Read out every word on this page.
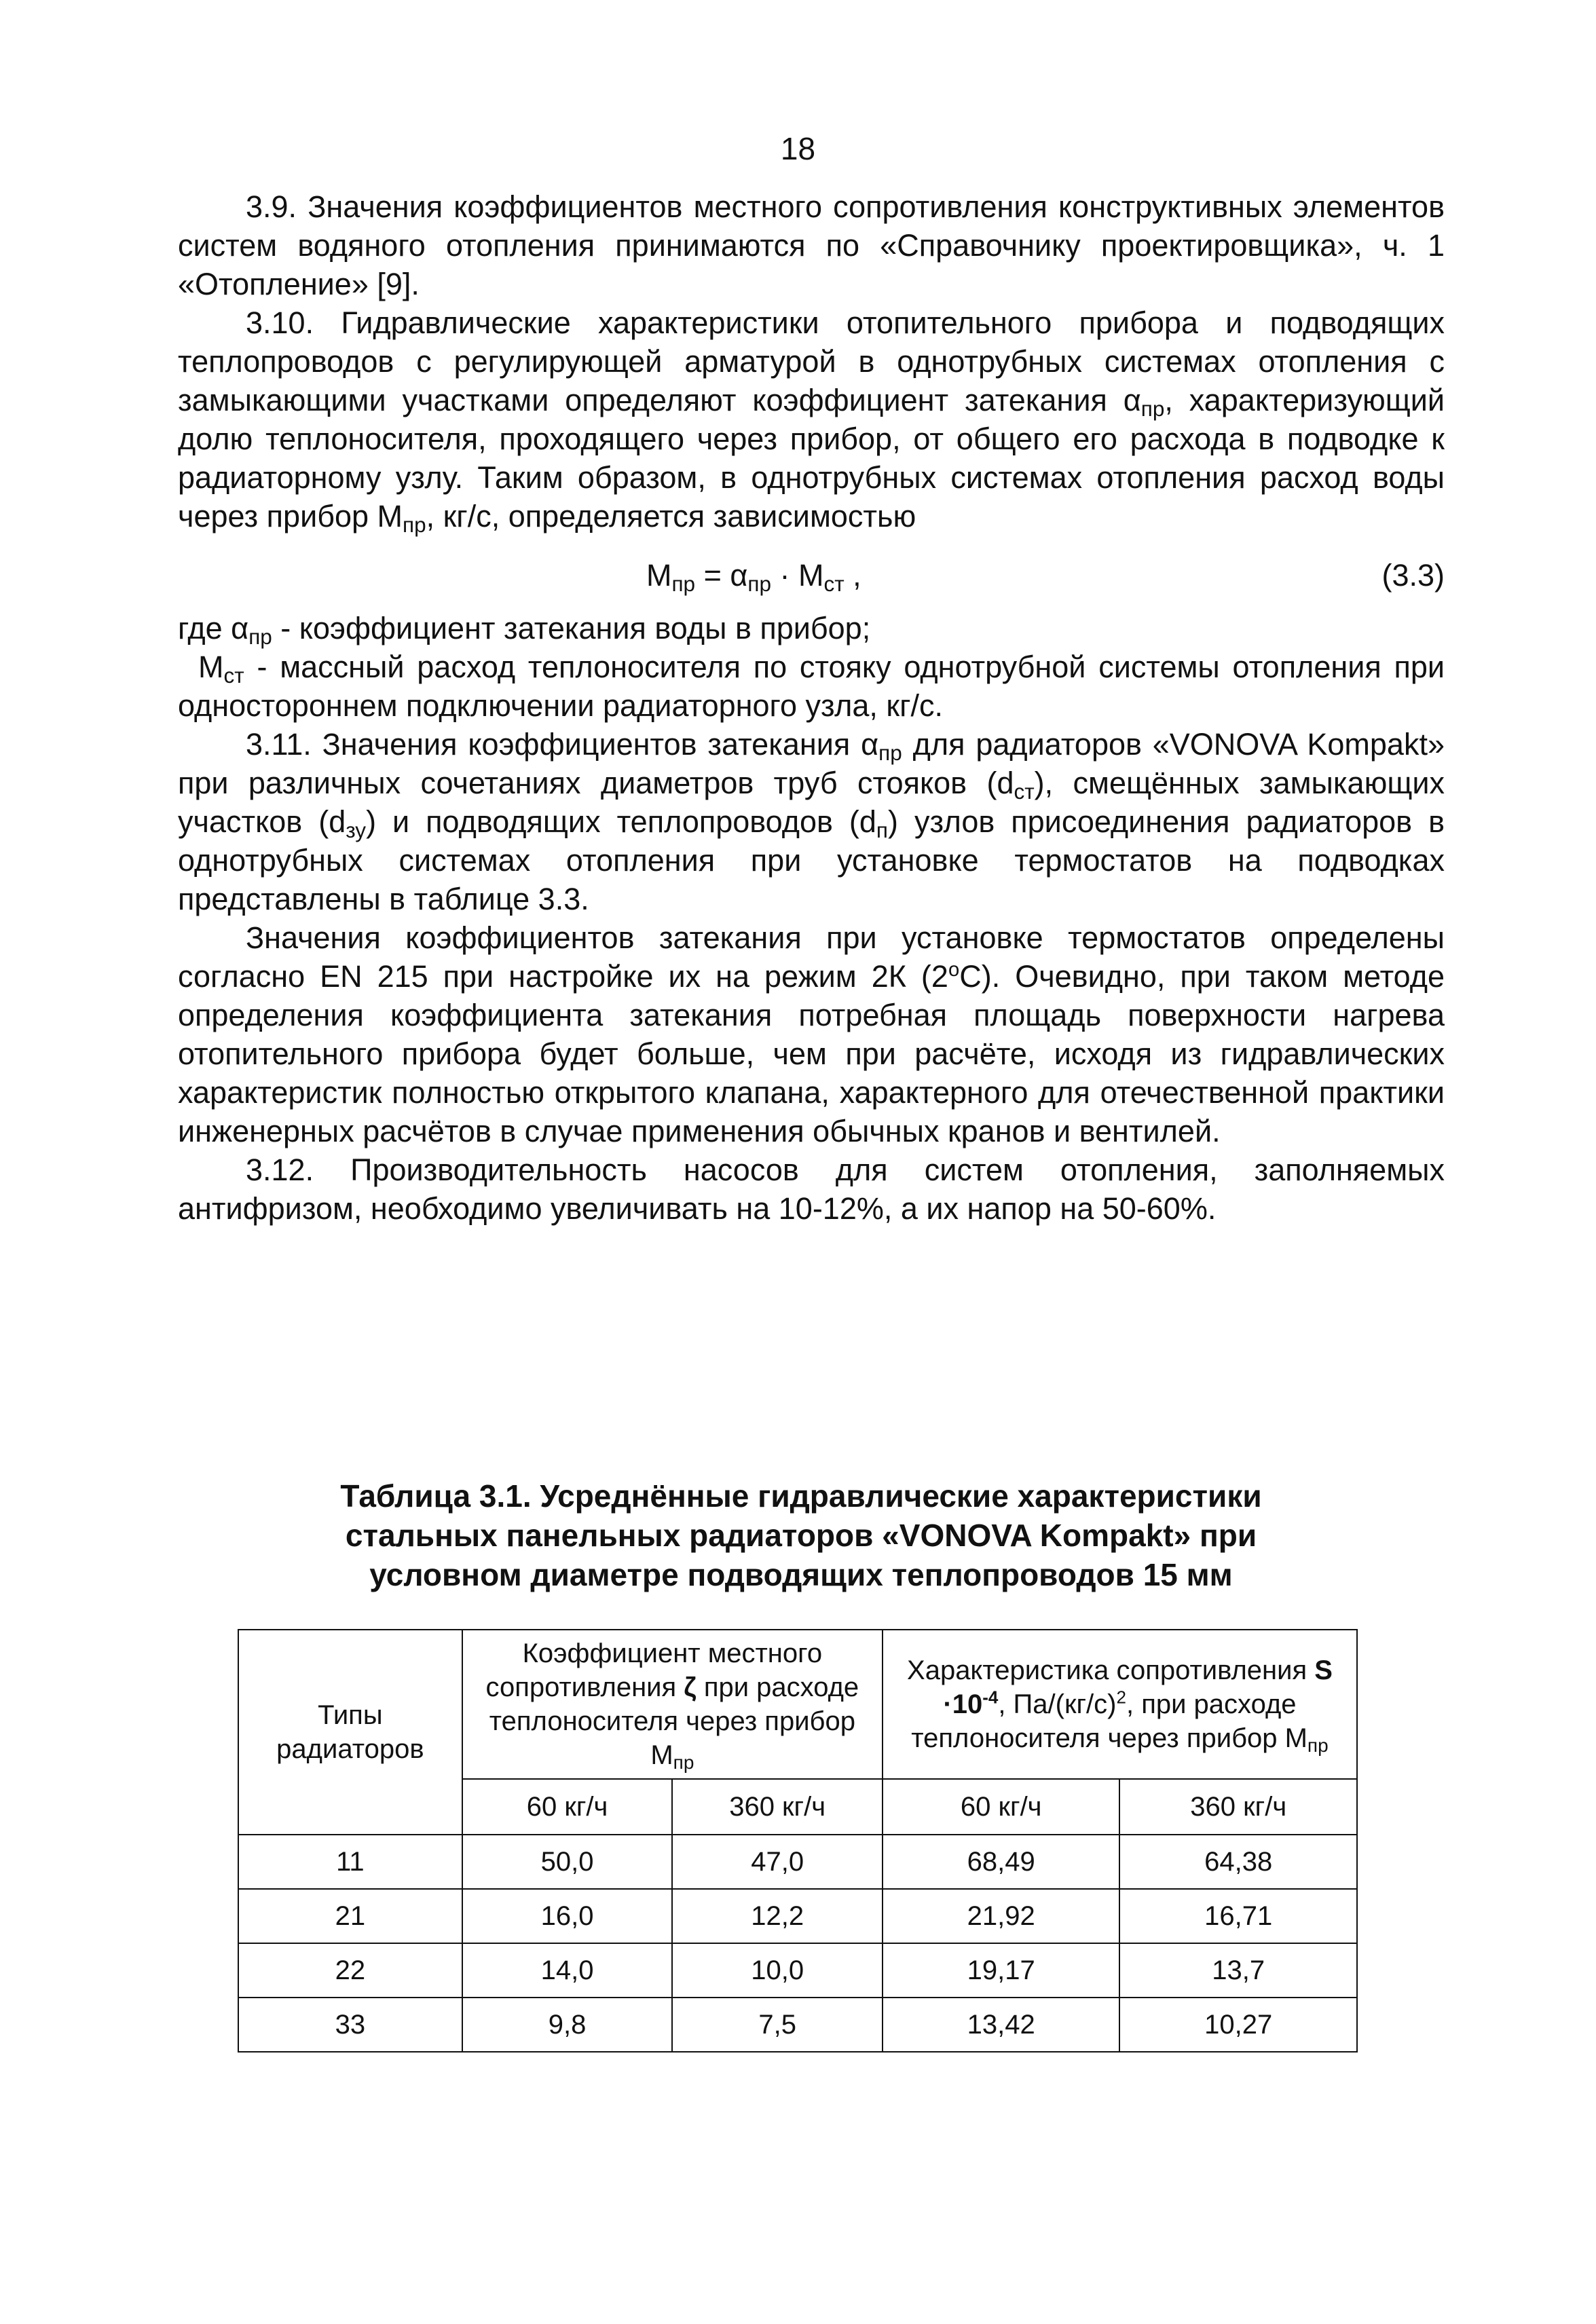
18

3.9. Значения коэффициентов местного сопротивления конструктивных элементов систем водяного отопления принимаются по «Справочнику проектировщика», ч. 1 «Отопление» [9].

3.10. Гидравлические характеристики отопительного прибора и подводящих теплопроводов с регулирующей арматурой в однотрубных системах отопления с замыкающими участками определяют коэффициент затекания $\alpha_{пр}$, характеризующий долю теплоносителя, проходящего через прибор, от общего его расхода в подводке к радиаторному узлу. Таким образом, в однотрубных системах отопления расход воды через прибор $M_{пр}$, кг/с, определяется зависимостью

$M_{пр} = \alpha_{пр} \cdot M_{ст}$ ,	(3.3)

где $\alpha_{пр}$ - коэффициент затекания воды в прибор;

$M_{ст}$ - массный расход теплоносителя по стояку однотрубной системы отопления при одностороннем подключении радиаторного узла, кг/с.

3.11. Значения коэффициентов затекания $\alpha_{пр}$ для радиаторов «VONOVA Kompakt» при различных сочетаниях диаметров труб стояков $(d_{ст})$, смещённых замыкающих участков $(d_{зу})$ и подводящих теплопроводов $(d_п)$ узлов присоединения радиаторов в однотрубных системах отопления при установке термостатов на подводках представлены в таблице 3.3.

Значения коэффициентов затекания при установке термостатов определены согласно EN 215 при настройке их на режим 2К (2$^o$С). Очевидно, при таком методе определения коэффициента затекания потребная площадь поверхности нагрева отопительного прибора будет больше, чем при расчёте, исходя из гидравлических характеристик полностью открытого клапана, характерного для отечественной практики инженерных расчётов в случае применения обычных кранов и вентилей.

3.12. Производительность насосов для систем отопления, заполняемых антифризом, необходимо увеличивать на 10-12%, а их напор на 50-60%.

Таблица 3.1. Усреднённые гидравлические характеристики
стальных панельных радиаторов «VONOVA Kompakt» при
условном диаметре подводящих теплопроводов 15 мм
Типы радиаторов	Коэффициент местного сопротивления ζ при расходе теплоносителя через прибор $M_{пр}$		Характеристика сопротивления $S \cdot 10^{-4}$, $Па/(кг/с)^2$, при расходе теплоносителя через прибор $M_{пр}$
	60 кг/ч	360 кг/ч	60 кг/ч	360 кг/ч
11	50,0	47,0	68,49	64,38
21	16,0	12,2	21,92	16,71
22	14,0	10,0	19,17	13,7
33	9,8	7,5	13,42	10,27
